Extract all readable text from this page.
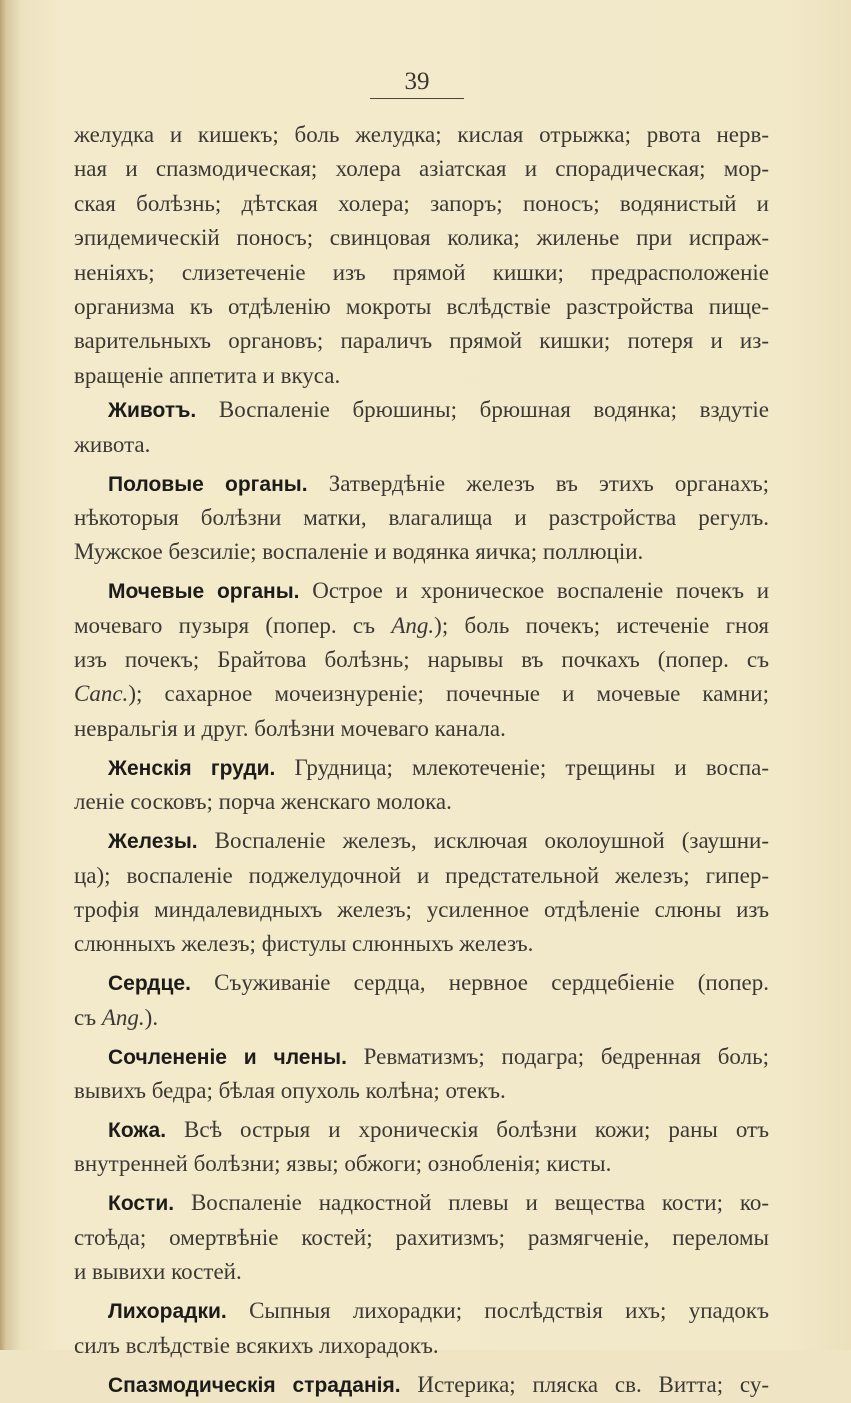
39
желудка и кишекъ; боль желудка; кислая отрыжка; рвота нерв-
ная и спазмодическая; холера азіатская и спорадическая; мор-
ская болѣзнь; дѣтская холера; запоръ; поносъ; водянистый и
эпидемическій поносъ; свинцовая колика; жиленье при испраж-
неніяхъ; слизетеченіе изъ прямой кишки; предрасположеніе
организма къ отдѣленію мокроты вслѣдствіе разстройства пище-
варительныхъ органовъ; параличъ прямой кишки; потеря и из-
вращеніе аппетита и вкуса.
Животъ. Воспаленіе брюшины; брюшная водянка; вздутіе
живота.
Половые органы. Затвердѣніе железъ въ этихъ органахъ;
нѣкоторыя болѣзни матки, влагалища и разстройства регулъ.
Мужское безсиліе; воспаленіе и водянка яичка; поллюціи.
Мочевые органы. Острое и хроническое воспаленіе почекъ и
мочеваго пузыря (попер. съ Ang.); боль почекъ; истеченіе гноя
изъ почекъ; Брайтова болѣзнь; нарывы въ почкахъ (попер. съ
Canc.); сахарное мочеизнуреніе; почечные и мочевые камни;
невральгія и друг. болѣзни мочеваго канала.
Женскія груди. Грудница; млекотеченіе; трещины и воспа-
леніе сосковъ; порча женскаго молока.
Железы. Воспаленіе железъ, исключая околоушной (заушни-
ца); воспаленіе поджелудочной и предстательной железъ; гипер-
трофія миндалевидныхъ железъ; усиленное отдѣленіе слюны изъ
слюнныхъ железъ; фистулы слюнныхъ железъ.
Сердце. Съуживаніе сердца, нервное сердцебіеніе (попер.
съ Ang.).
Сочлененіе и члены. Ревматизмъ; подагра; бедренная боль;
вывихъ бедра; бѣлая опухоль колѣна; отекъ.
Кожа. Всѣ острыя и хроническія болѣзни кожи; раны отъ
внутренней болѣзни; язвы; обжоги; ознобленія; кисты.
Кости. Воспаленіе надкостной плевы и вещества кости; ко-
стоѣда; омертвѣніе костей; рахитизмъ; размягченіе, переломы
и вывихи костей.
Лихорадки. Сыпныя лихорадки; послѣдствія ихъ; упадокъ
силъ вслѣдствіе всякихъ лихорадокъ.
Спазмодическія страданія. Истерика; пляска св. Витта; су-
